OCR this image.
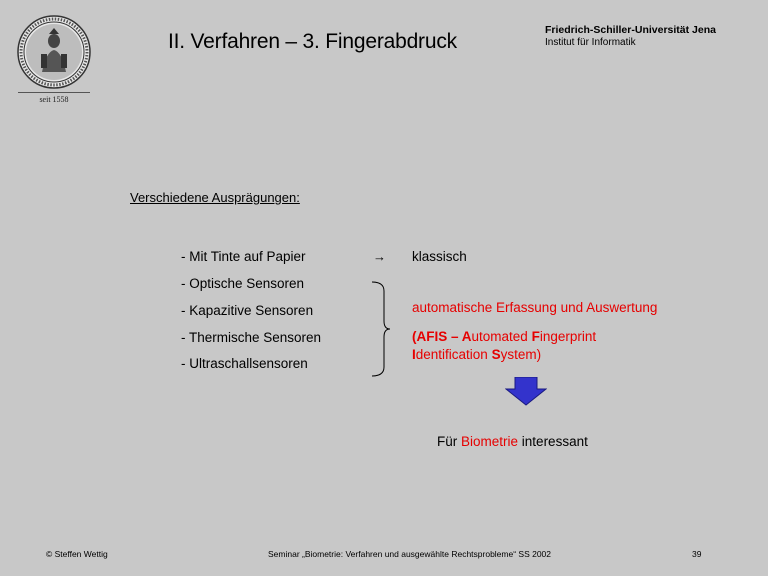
seit 1558
II. Verfahren – 3. Fingerabdruck	Friedrich-Schiller-Universität Jena
Institut für Informatik
Verschiedene Ausprägungen:
- Mit Tinte auf Papier
- Optische Sensoren
- Kapazitive Sensoren
- Thermische Sensoren
- Ultraschallsensoren
→ klassisch
automatische Erfassung und Auswertung
(AFIS – Automated Fingerprint
Identification System)
Für Biometrie interessant
© Steffen Wettig	Seminar „Biometrie: Verfahren und ausgewählte Rechtsprobleme“ SS 2002	39
